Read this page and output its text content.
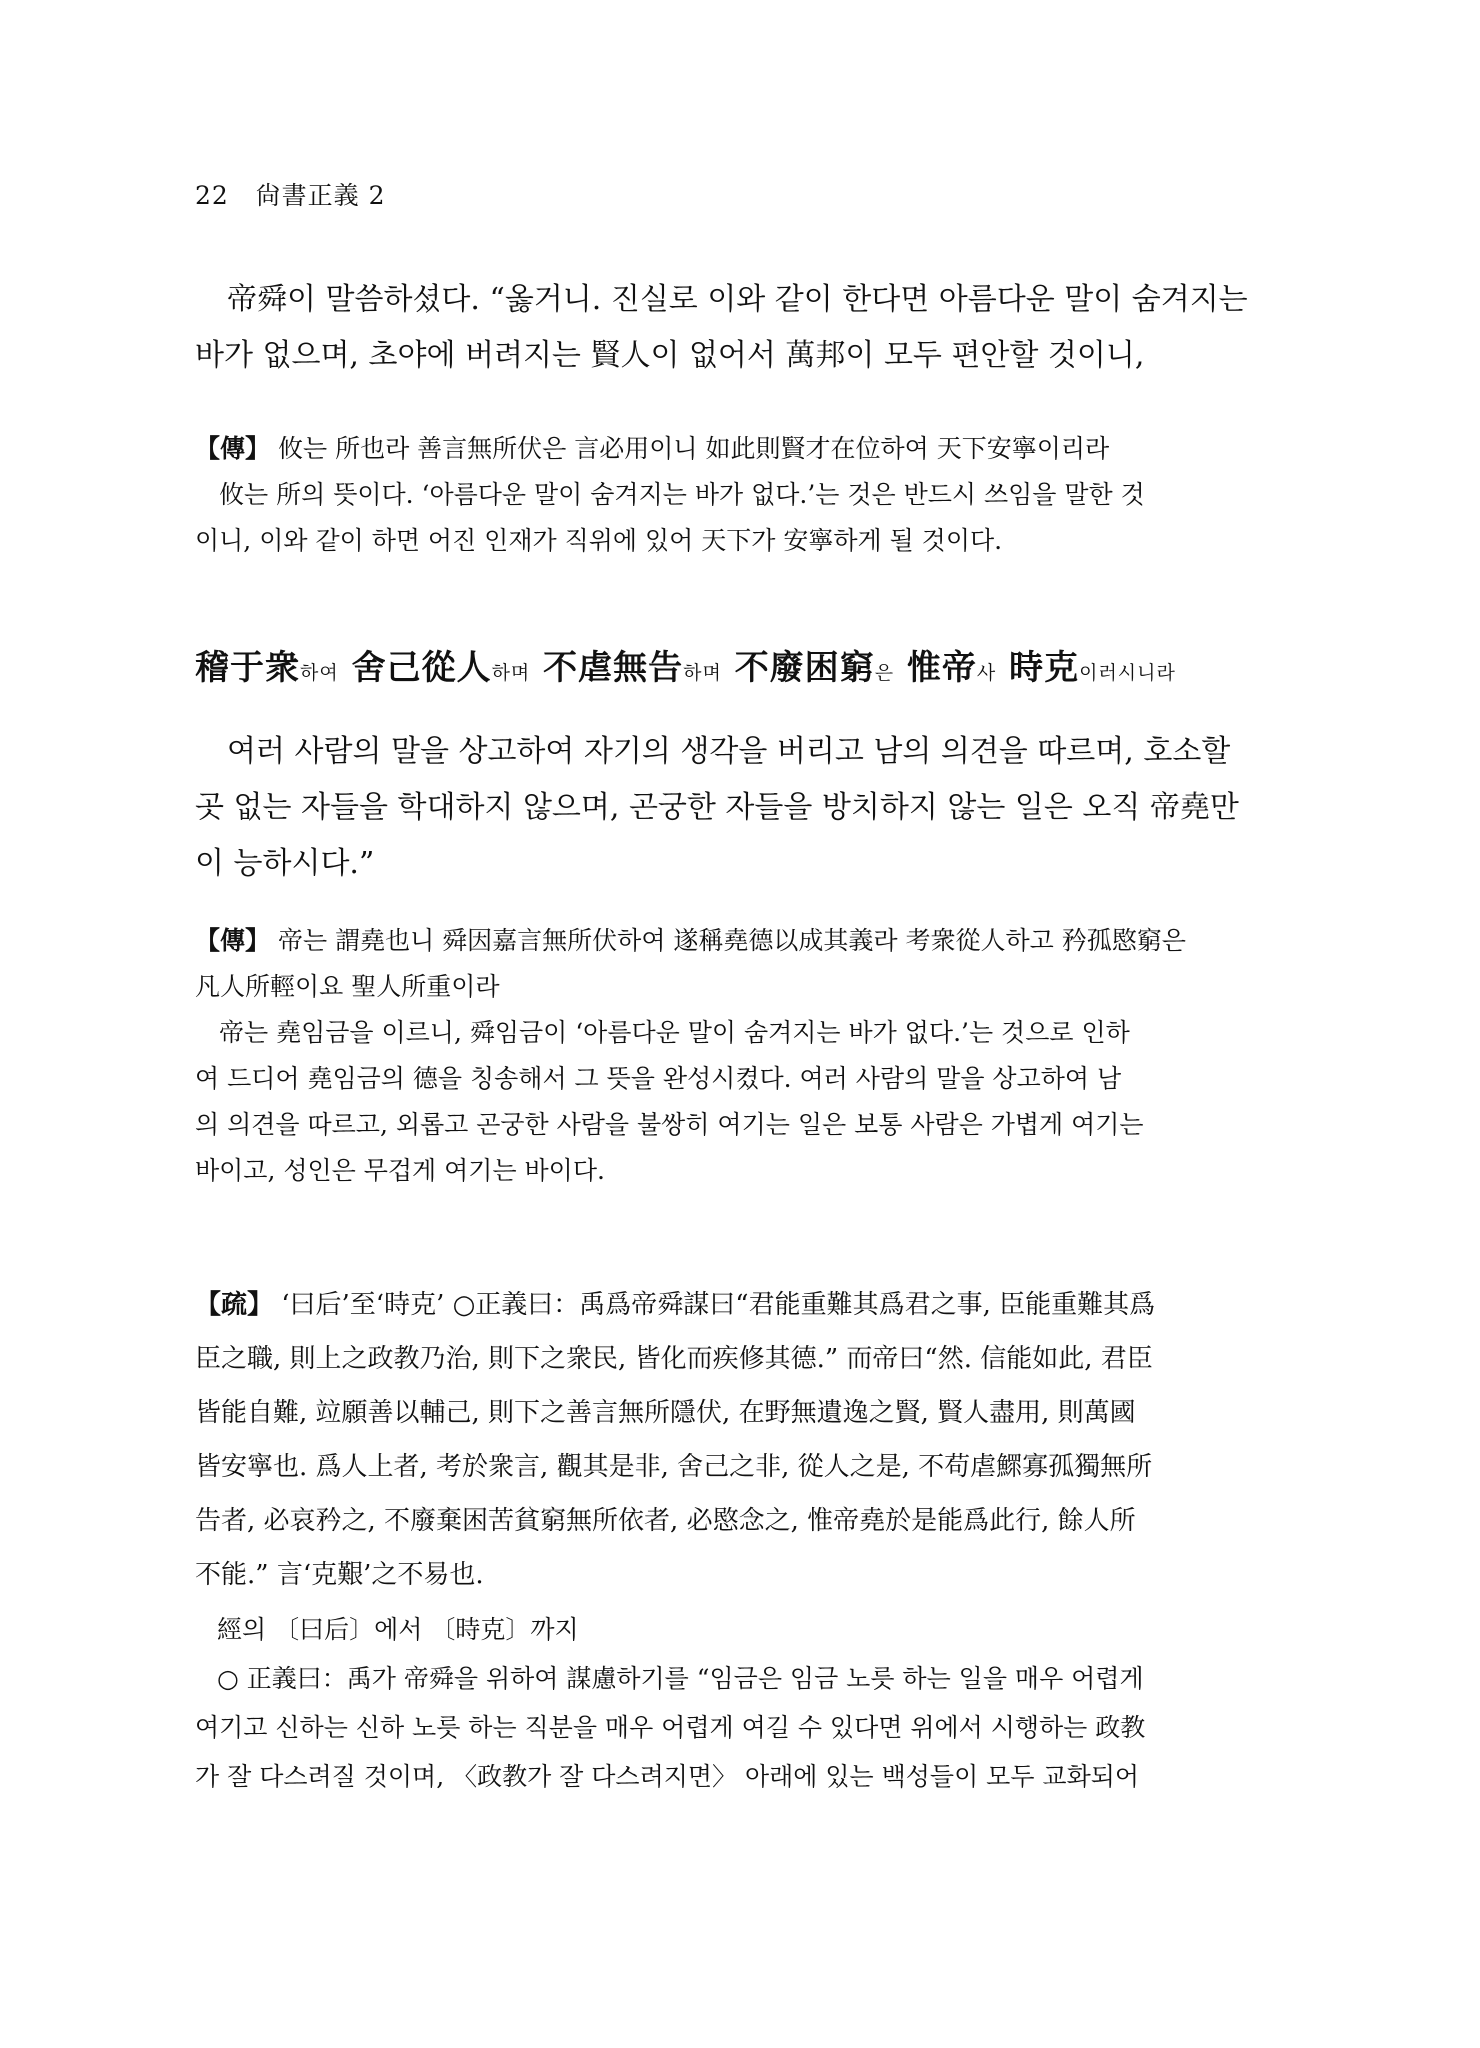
22 尙書正義 2
帝舜이 말씀하셨다. “옳거니. 진실로 이와 같이 한다면 아름다운 말이 숨겨지는
바가 없으며, 초야에 버려지는 賢人이 없어서 萬邦이 모두 편안할 것이니,
【傳】 攸는 所也라 善言無所伏은 言必用이니 如此則賢才在位하여 天下安寧이리라
攸는 所의 뜻이다. ‘아름다운 말이 숨겨지는 바가 없다.’는 것은 반드시 쓰임을 말한 것
이니, 이와 같이 하면 어진 인재가 직위에 있어 天下가 安寧하게 될 것이다.
稽于衆하여 舍己從人하며 不虐無告하며 不廢困窮은 惟帝사 時克이러시니라
여러 사람의 말을 상고하여 자기의 생각을 버리고 남의 의견을 따르며, 호소할
곳 없는 자들을 학대하지 않으며, 곤궁한 자들을 방치하지 않는 일은 오직 帝堯만
이 능하시다.”
【傳】 帝는 謂堯也니 舜因嘉言無所伏하여 遂稱堯德以成其義라 考衆從人하고 矜孤愍窮은
凡人所輕이요 聖人所重이라
帝는 堯임금을 이르니, 舜임금이 ‘아름다운 말이 숨겨지는 바가 없다.’는 것으로 인하
여 드디어 堯임금의 德을 칭송해서 그 뜻을 완성시켰다. 여러 사람의 말을 상고하여 남
의 의견을 따르고, 외롭고 곤궁한 사람을 불쌍히 여기는 일은 보통 사람은 가볍게 여기는
바이고, 성인은 무겁게 여기는 바이다.
【疏】 ‘曰后’至‘時克’ ○正義曰：禹爲帝舜謀曰“君能重難其爲君之事, 臣能重難其爲
臣之職, 則上之政教乃治, 則下之衆民, 皆化而疾修其德.” 而帝曰“然. 信能如此, 君臣
皆能自難, 竝願善以輔己, 則下之善言無所隱伏, 在野無遺逸之賢, 賢人盡用, 則萬國
皆安寧也. 爲人上者, 考於衆言, 觀其是非, 舍己之非, 從人之是, 不苟虐鰥寡孤獨無所
告者, 必哀矜之, 不廢棄困苦貧窮無所依者, 必愍念之, 惟帝堯於是能爲此行, 餘人所
不能.” 言‘克艱’之不易也.
經의 〔曰后〕에서 〔時克〕까지
○ 正義曰：禹가 帝舜을 위하여 謀慮하기를 “임금은 임금 노릇 하는 일을 매우 어렵게
여기고 신하는 신하 노릇 하는 직분을 매우 어렵게 여길 수 있다면 위에서 시행하는 政教
가 잘 다스려질 것이며, 〈政教가 잘 다스려지면〉 아래에 있는 백성들이 모두 교화되어
